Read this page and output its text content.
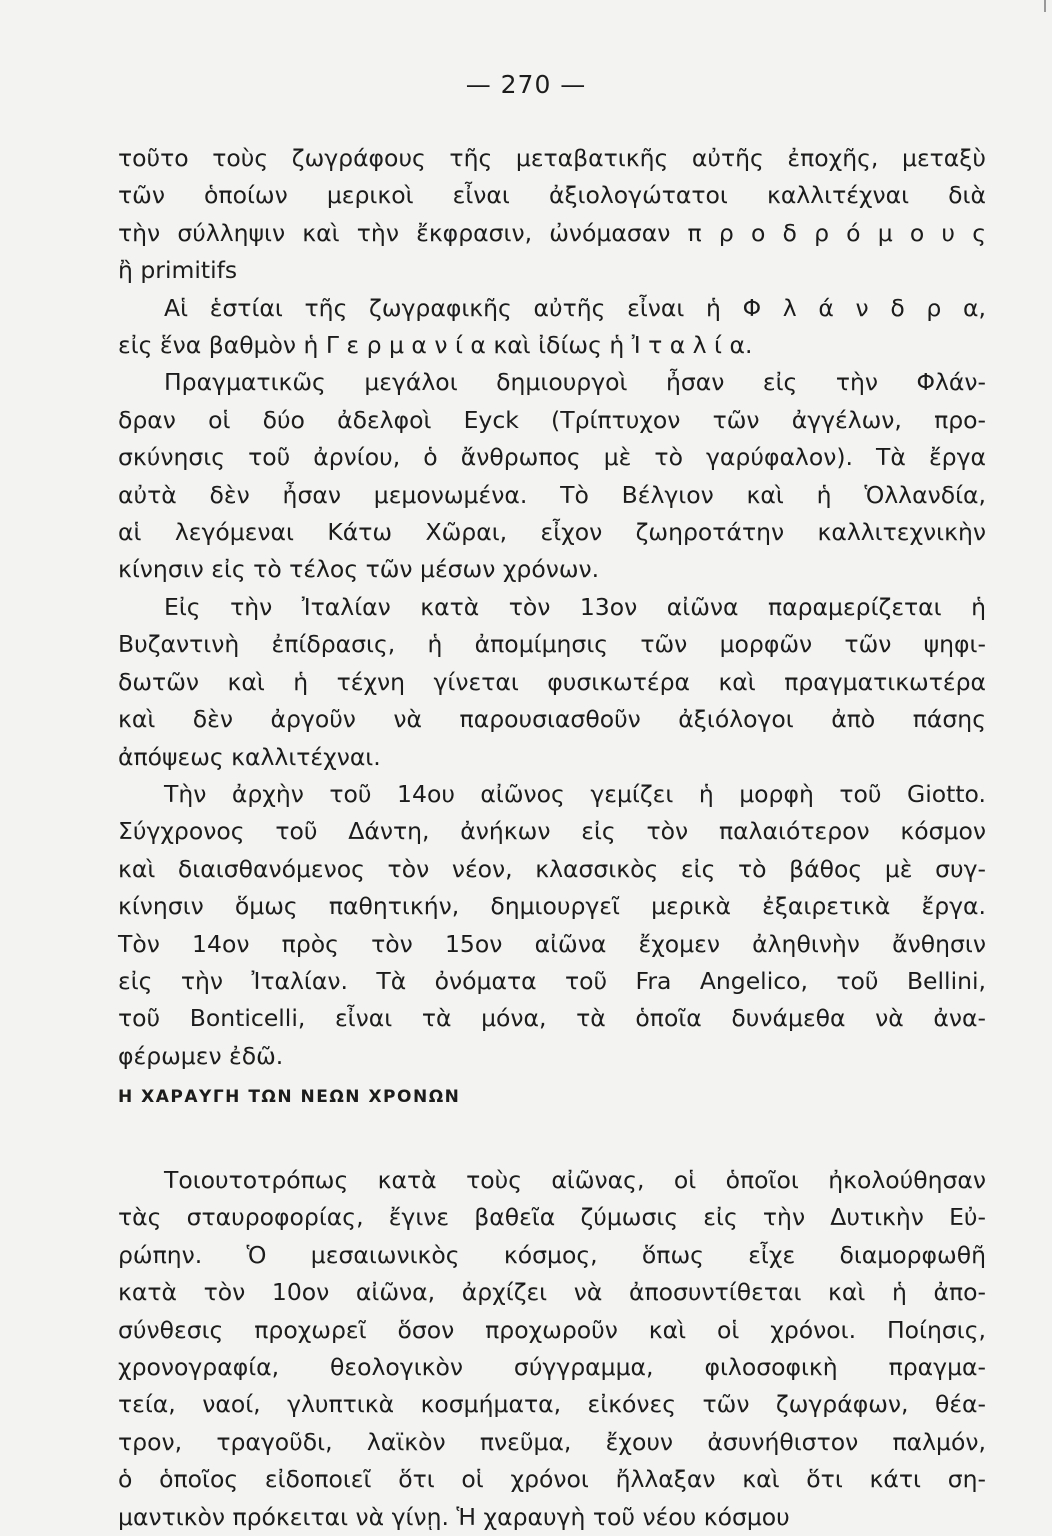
— 270 —
τοῦτο τοὺς ζωγράφους τῆς μεταβατικῆς αὐτῆς ἐποχῆς, μεταξὺ
τῶν ὁποίων μερικοὶ εἶναι ἀξιολογώτατοι καλλιτέχναι διὰ
τὴν σύλληψιν καὶ τὴν ἔκφρασιν, ὠνόμασαν π ρ ο δ ρ ό μ ο υ ς
ἢ primitifs
Αἱ ἑστίαι τῆς ζωγραφικῆς αὐτῆς εἶναι ἡ Φ λ ά ν δ ρ α,
εἰς ἕνα βαθμὸν ἡ Γ ε ρ μ α ν ί α καὶ ἰδίως ἡ Ἰ τ α λ ί α.
Πραγματικῶς μεγάλοι δημιουργοὶ ἦσαν εἰς τὴν Φλάν-
δραν οἱ δύο ἀδελφοὶ Eyck (Τρίπτυχον τῶν ἀγγέλων, προ-
σκύνησις τοῦ ἀρνίου, ὁ ἄνθρωπος μὲ τὸ γαρύφαλον). Τὰ ἔργα
αὐτὰ δὲν ἦσαν μεμονωμένα. Τὸ Βέλγιον καὶ ἡ Ὁλλανδία,
αἱ λεγόμεναι Κάτω Χῶραι, εἶχον ζωηροτάτην καλλιτεχνικὴν
κίνησιν εἰς τὸ τέλος τῶν μέσων χρόνων.
Εἰς τὴν Ἰταλίαν κατὰ τὸν 13ον αἰῶνα παραμερίζεται ἡ
Βυζαντινὴ ἐπίδρασις, ἡ ἀπομίμησις τῶν μορφῶν τῶν ψηφι-
δωτῶν καὶ ἡ τέχνη γίνεται φυσικωτέρα καὶ πραγματικωτέρα
καὶ δὲν ἀργοῦν νὰ παρουσιασθοῦν ἀξιόλογοι ἀπὸ πάσης
ἀπόψεως καλλιτέχναι.
Τὴν ἀρχὴν τοῦ 14ου αἰῶνος γεμίζει ἡ μορφὴ τοῦ Giotto.
Σύγχρονος τοῦ Δάντη, ἀνήκων εἰς τὸν παλαιότερον κόσμον
καὶ διαισθανόμενος τὸν νέον, κλασσικὸς εἰς τὸ βάθος μὲ συγ-
κίνησιν ὅμως παθητικήν, δημιουργεῖ μερικὰ ἐξαιρετικὰ ἔργα.
Τὸν 14ον πρὸς τὸν 15ον αἰῶνα ἔχομεν ἀληθινὴν ἄνθησιν
εἰς τὴν Ἰταλίαν. Τὰ ὀνόματα τοῦ Fra Angelico, τοῦ Bellini,
τοῦ Bonticelli, εἶναι τὰ μόνα, τὰ ὁποῖα δυνάμεθα νὰ ἀνα-
φέρωμεν ἐδῶ.
Η ΧΑΡΑΥΓΗ ΤΩΝ ΝΕΩΝ ΧΡΟΝΩΝ
Τοιουτοτρόπως κατὰ τοὺς αἰῶνας, οἱ ὁποῖοι ἠκολούθησαν
τὰς σταυροφορίας, ἔγινε βαθεῖα ζύμωσις εἰς τὴν Δυτικὴν Εὐ-
ρώπην. Ὁ μεσαιωνικὸς κόσμος, ὅπως εἶχε διαμορφωθῆ
κατὰ τὸν 10ον αἰῶνα, ἀρχίζει νὰ ἀποσυντίθεται καὶ ἡ ἀπο-
σύνθεσις προχωρεῖ ὅσον προχωροῦν καὶ οἱ χρόνοι. Ποίησις,
χρονογραφία, θεολογικὸν σύγγραμμα, φιλοσοφικὴ πραγμα-
τεία, ναοί, γλυπτικὰ κοσμήματα, εἰκόνες τῶν ζωγράφων, θέα-
τρον, τραγοῦδι, λαϊκὸν πνεῦμα, ἔχουν ἀσυνήθιστον παλμόν,
ὁ ὁποῖος εἰδοποιεῖ ὅτι οἱ χρόνοι ἤλλαξαν καὶ ὅτι κάτι ση-
μαντικὸν πρόκειται νὰ γίνῃ. Ἡ χαραυγὴ τοῦ νέου κόσμου
